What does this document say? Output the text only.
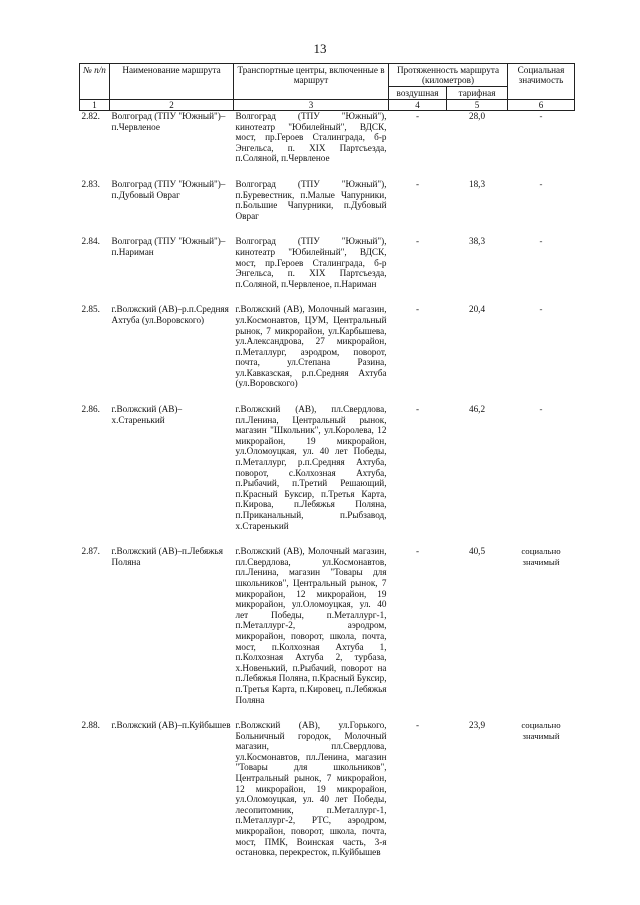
13
№ п/п	Наименование маршрута	Транспортные центры, включенные в маршрут	Протяженность маршрута (километров)		Социальная значимость
			воздушная	тарифная	
1	2	3	4	5	6
2.82.	Волгоград (ТПУ "Южный")–п.Червленое	Волгоград (ТПУ "Южный"), кинотеатр "Юбилейный", ВДСК, мост, пр.Героев Сталинграда, б-р Энгельса, п. XIX Партсъезда, п.Соляной, п.Червленое	-	28,0	-

2.83.	Волгоград (ТПУ "Южный")–п.Дубовый Овраг	Волгоград (ТПУ "Южный"), п.Буревестник, п.Малые Чапурники, п.Большие Чапурники, п.Дубовый Овраг	-	18,3	-

2.84.	Волгоград (ТПУ "Южный")–п.Нариман	Волгоград (ТПУ "Южный"), кинотеатр "Юбилейный", ВДСК, мост, пр.Героев Сталинграда, б-р Энгельса, п. XIX Партсъезда, п.Соляной, п.Червленое, п.Нариман	-	38,3	-

2.85.	г.Волжский (АВ)–р.п.Средняя Ахтуба (ул.Воровского)	г.Волжский (АВ), Молочный магазин, ул.Космонавтов, ЦУМ, Центральный рынок, 7 микрорайон, ул.Карбышева, ул.Александрова, 27 микрорайон, п.Металлург, аэродром, поворот, почта, ул.Степана Разина, ул.Кавказская, р.п.Средняя Ахтуба (ул.Воровского)	-	20,4	-

2.86.	г.Волжский (АВ)–х.Старенький	г.Волжский (АВ), пл.Свердлова, пл.Ленина, Центральный рынок, магазин "Школьник", ул.Королева, 12 микрорайон, 19 микрорайон, ул.Оломоуцкая, ул. 40 лет Победы, п.Металлург, р.п.Средняя Ахтуба, поворот, с.Колхозная Ахтуба, п.Рыбачий, п.Третий Решающий, п.Красный Буксир, п.Третья Карта, п.Кирова, п.Лебяжья Поляна, п.Приканальный, п.Рыбзавод, х.Старенький	-	46,2	-

2.87.	г.Волжский (АВ)–п.Лебяжья Поляна	г.Волжский (АВ), Молочный магазин, пл.Свердлова, ул.Космонавтов, пл.Ленина, магазин "Товары для школьников", Центральный рынок, 7 микрорайон, 12 микрорайон, 19 микрорайон, ул.Оломоуцкая, ул. 40 лет Победы, п.Металлург-1, п.Металлург-2, аэродром, микрорайон, поворот, школа, почта, мост, п.Колхозная Ахтуба 1, п.Колхозная Ахтуба 2, турбаза, х.Новенький, п.Рыбачий, поворот на п.Лебяжья Поляна, п.Красный Буксир, п.Третья Карта, п.Кировец, п.Лебяжья Поляна	-	40,5	социально значимый

2.88.	г.Волжский (АВ)–п.Куйбышев	г.Волжский (АВ), ул.Горького, Больничный городок, Молочный магазин, пл.Свердлова, ул.Космонавтов, пл.Ленина, магазин "Товары для школьников", Центральный рынок, 7 микрорайон, 12 микрорайон, 19 микрорайон, ул.Оломоуцкая, ул. 40 лет Победы, лесопитомник, п.Металлург-1, п.Металлург-2, РТС, аэродром, микрорайон, поворот, школа, почта, мост, ПМК, Воинская часть, 3-я остановка, перекресток, п.Куйбышев	-	23,9	социально значимый
